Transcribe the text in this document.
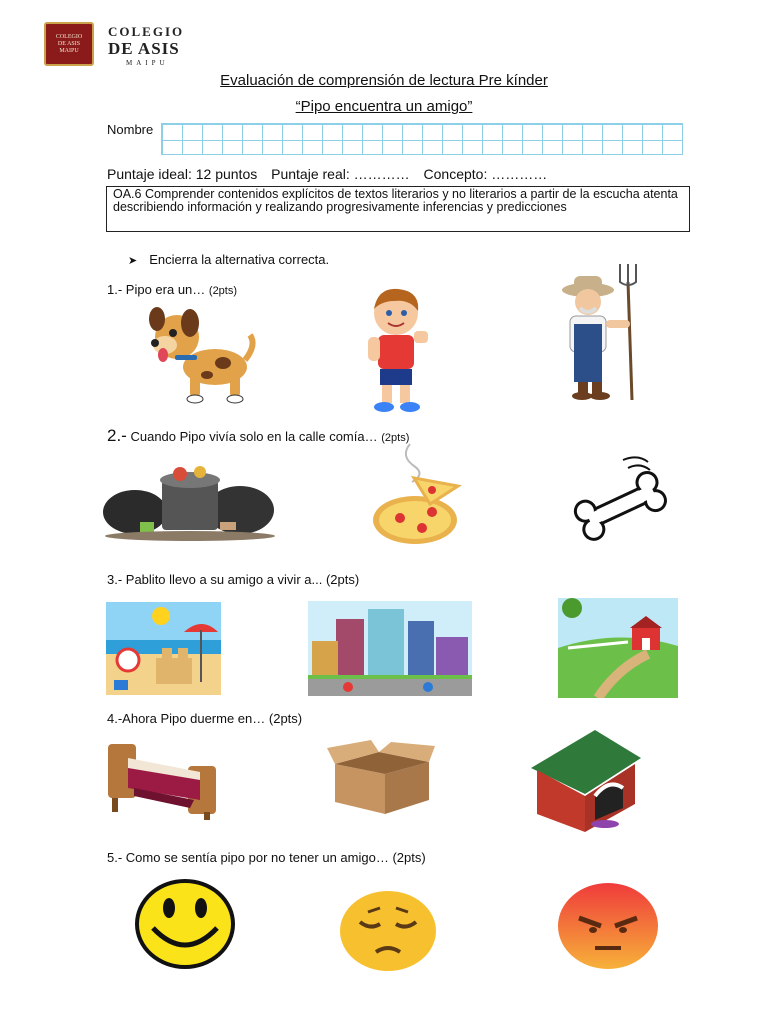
COLEGIO
DE ASIS
MAIPU
COLEGIO
DE ASIS
MAIPU
Evaluación de comprensión de lectura Pre kínder
“Pipo encuentra un amigo”
Nombre
Puntaje ideal: 12 puntos Puntaje real: ………… Concepto: …………
OA.6 Comprender contenidos explícitos de textos literarios y no literarios a partir de la escucha atenta describiendo información y realizando progresivamente inferencias y predicciones
➤ Encierra la alternativa correcta.
1.- Pipo era un… (2pts)
2.- Cuando Pipo vivía solo en la calle comía… (2pts)
3.- Pablito llevo a su amigo a vivir a... (2pts)
4.-Ahora Pipo duerme en… (2pts)
5.- Como se sentía pipo por no tener un amigo… (2pts)
